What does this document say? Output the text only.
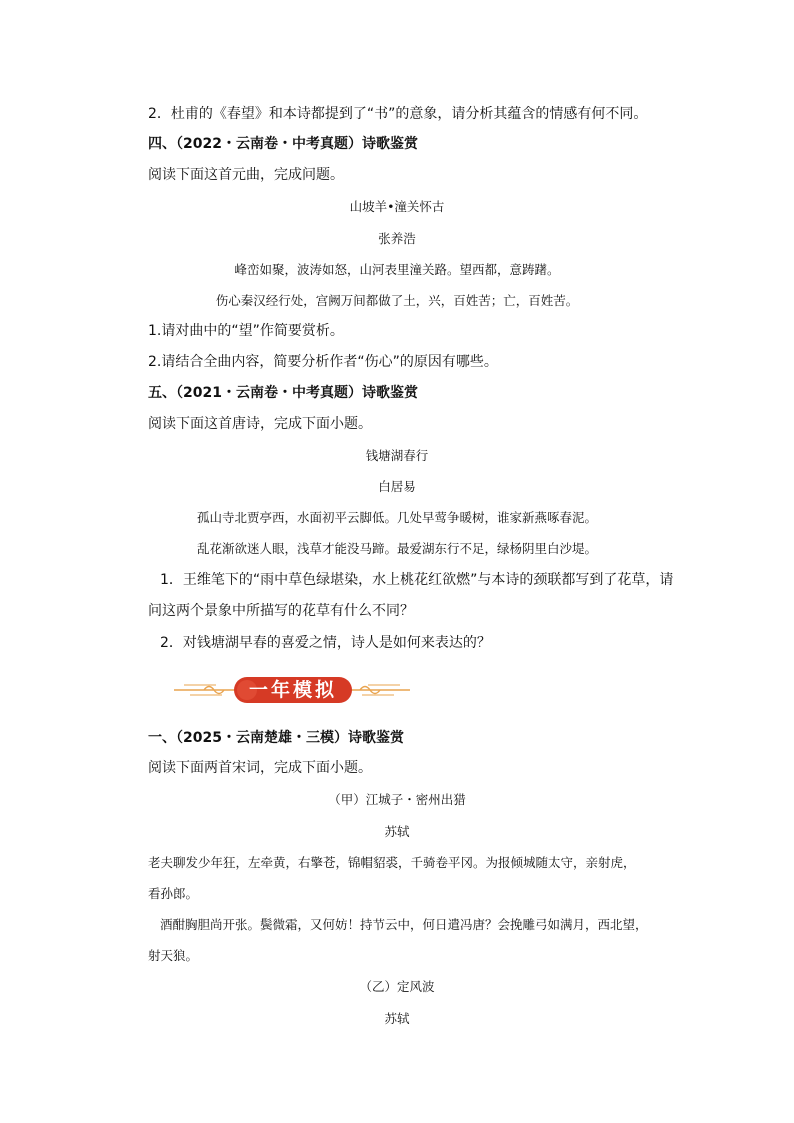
2．杜甫的《春望》和本诗都提到了“书”的意象，请分析其蕴含的情感有何不同。
四、（2022・云南卷・中考真题）诗歌鉴赏
阅读下面这首元曲，完成问题。
山坡羊•潼关怀古
张养浩
峰峦如聚，波涛如怒，山河表里潼关路。望西都，意踌躇。
伤心秦汉经行处，宫阙万间都做了土，兴，百姓苦；亡，百姓苦。
1.请对曲中的“望”作简要赏析。
2.请结合全曲内容，简要分析作者“伤心”的原因有哪些。
五、（2021・云南卷・中考真题）诗歌鉴赏
阅读下面这首唐诗，完成下面小题。
钱塘湖春行
白居易
孤山寺北贾亭西，水面初平云脚低。几处早莺争暖树，谁家新燕啄春泥。
乱花渐欲迷人眼，浅草才能没马蹄。最爱湖东行不足，绿杨阴里白沙堤。
1．王维笔下的“雨中草色绿堪染，水上桃花红欲燃”与本诗的颈联都写到了花草，请
问这两个景象中所描写的花草有什么不同？
2．对钱塘湖早春的喜爱之情，诗人是如何来表达的？
一年模拟
一、（2025・云南楚雄・三模）诗歌鉴赏
阅读下面两首宋词，完成下面小题。
（甲）江城子・密州出猎
苏轼
老夫聊发少年狂，左牵黄，右擎苍，锦帽貂裘，千骑卷平冈。为报倾城随太守，亲射虎，
看孙郎。
酒酣胸胆尚开张。鬓微霜，又何妨！持节云中，何日遣冯唐？会挽雕弓如满月，西北望，
射天狼。
（乙）定风波
苏轼
